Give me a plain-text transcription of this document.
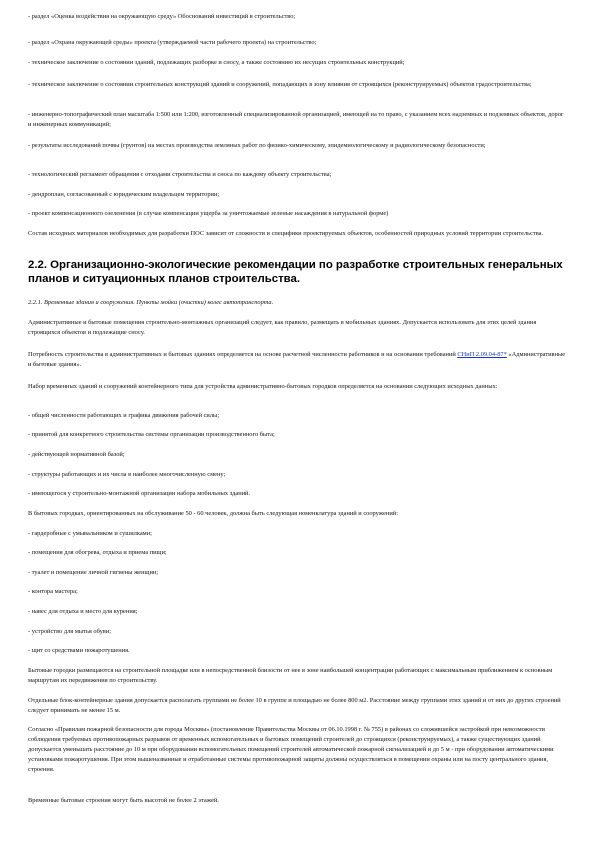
- раздел «Оценка воздействия на окружающую среду» Обоснований инвестиций в строительство;

- раздел «Охрана окружающей среды» проекта (утверждаемой части рабочего проекта) на строительство;

- техническое заключение о состоянии зданий, подлежащих разборке и сносу, а также состоянию их несущих строительных конструкций;

- техническое заключение о состоянии строительных конструкций зданий и сооружений, попадающих в зону влияния от строящихся (реконструируемых) объектов градостроительства;

- инженерно-топографический план масштаба 1:500 или 1:200, изготовленный специализированной организацией, имеющей на то право, с указанием всех надземных и подземных объектов, дорог и инженерных коммуникаций;

- результаты исследований почвы (грунтов) на местах производства земляных работ по физико-химическому, эпидемиологическому и радиологическому безопасности;

- технологический регламент обращения с отходами строительства и сноса по каждому объекту строительства;

- дендроплан, согласованный с юридическим владельцем территории;

- проект компенсационного озеленения (в случае компенсации ущерба за уничтожаемые зеленые насаждения в натуральной форме)

Состав исходных материалов необходимых для разработки ПОС зависит от сложности и специфики проектируемых объектов, особенностей природных условий территории строительства.

2.2. Организационно-экологические рекомендации по разработке строительных генеральных планов и ситуационных планов строительства.

2.2.1. Временные здания и сооружения. Пункты мойки (очистки) колес автотранспорта.

Административные и бытовые помещения строительно-монтажных организаций следует, как правило, размещать в мобильных зданиях. Допускается использовать для этих целей здания строящихся объектов и подлежащие сносу.

Потребность строительства в административных и бытовых зданиях определяется на основе расчетной численности работников и на основании требований СНиП 2.09.04-87* «Административные и бытовые здания».

Набор временных зданий и сооружений контейнерного типа для устройства административно-бытовых городков определяется на основании следующих исходных данных:

- общей численности работающих и графика движения рабочей силы;

- принятой для конкретного строительства системы организации производственного быта;

- действующей нормативной базой;

- структуры работающих и их числа в наиболее многочисленную смену;

- имеющегося у строительно-монтажной организации набора мобильных зданий.

В бытовых городках, ориентированных на обслуживание 50 - 60 человек, должна быть следующая номенклатура зданий и сооружений:

- гардеробные с умывальником и сушилками;

- помещения для обогрева, отдыха и приема пищи;

- туалет и помещение личной гигиены женщин;

- контора мастера;

- навес для отдыха и место для курения;

- устройство для мытья обуви;

- щит со средствами пожаротушения.

Бытовые городки размещаются на строительной площадке или в непосредственной близости от нее в зоне наибольшей концентрации работающих с максимальным приближением к основным маршрутам их передвижения по строительству.

Отдельные блок-контейнерные здания допускается располагать группами не более 10 в группе и площадью не более 800 м2. Расстояние между группами этих зданий и от них до других строений следует принимать не менее 15 м.

Согласно «Правилам пожарной безопасности для города Москвы» (постановление Правительства Москвы от 06.10.1998 г. № 755) в районах со сложившейся застройкой при невозможности соблюдения требуемых противопожарных разрывов от временных вспомогательных и бытовых помещений строителей до строящихся (реконструируемых), а также существующих зданий допускается уменьшать расстояние до 10 м при оборудовании вспомогательных помещений строителей автоматической пожарной сигнализацией и до 5 м - при оборудовании автоматическими установками пожаротушения. При этом вышеназванные и отработанные системы противопожарной защиты должны осуществляться в помещении охраны или на посту центрального здания, строения.

Временные бытовые строения могут быть высотой не более 2 этажей.
